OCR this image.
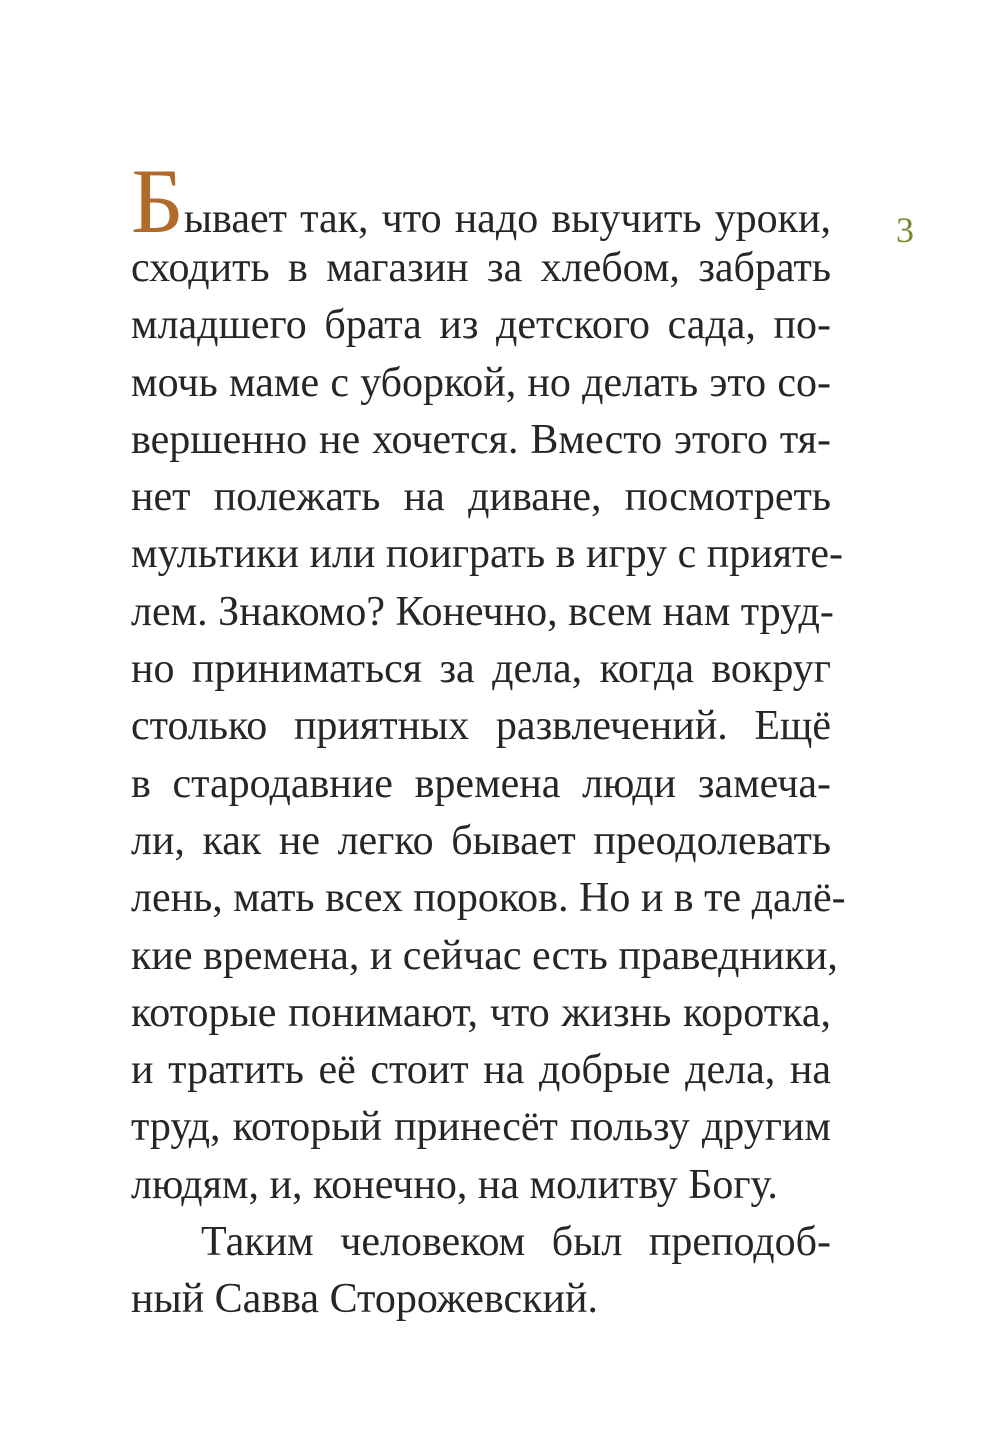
3
Бывает так, что надо выучить уроки,
сходить в магазин за хлебом, забрать
младшего брата из детского сада, по-
мочь маме с уборкой, но делать это со-
вершенно не хочется. Вместо этого тя-
нет полежать на диване, посмотреть
мультики или поиграть в игру с прияте-
лем. Знакомо? Конечно, всем нам труд-
но приниматься за дела, когда вокруг
столько приятных развлечений. Ещё
в стародавние времена люди замеча-
ли, как не легко бывает преодолевать
лень, мать всех пороков. Но и в те далё-
кие времена, и сейчас есть праведники,
которые понимают, что жизнь коротка,
и тратить её стоит на добрые дела, на
труд, который принесёт пользу другим
людям, и, конечно, на молитву Богу.
Таким человеком был преподоб-
ный Савва Сторожевский.
